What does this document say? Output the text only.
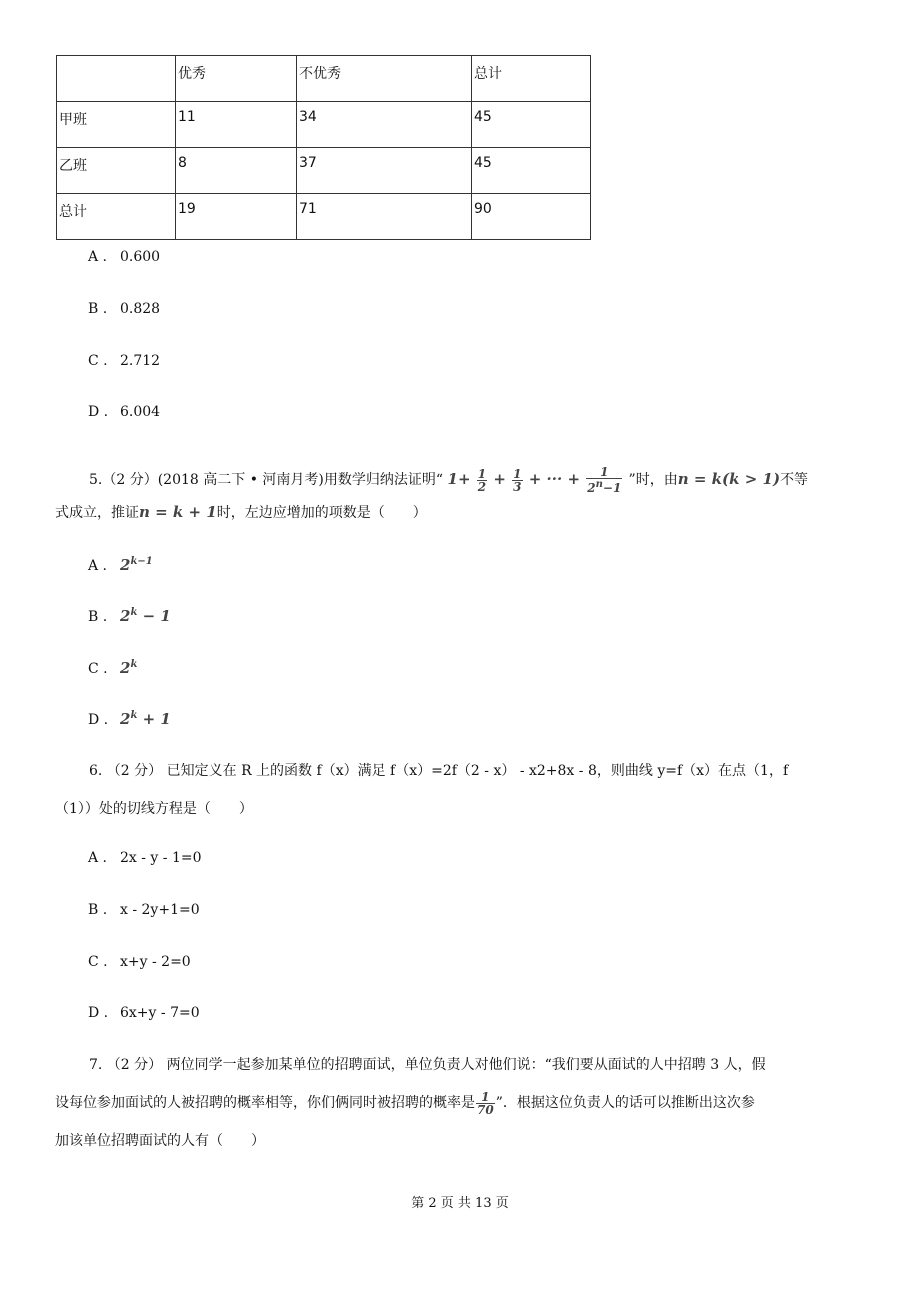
	优秀	不优秀	总计
甲班	11	34	45
乙班	8	37	45
总计	19	71	90
A . 0.600
B . 0.828
C . 2.712
D . 6.004
5.（2 分）(2018 高二下 • 河南月考)用数学归纳法证明“ $1+ \frac{1}{2} + \frac{1}{3}$ + ··· + $\frac{1}{2^n-1}$ ”时，由n = k(k > 1)不等
式成立，推证n = k + 1时，左边应增加的项数是（　　）
A . $2^{k-1}$
B . $2^k - 1$
C . 2$^k$
D . $2^k + 1$
6. （2 分） 已知定义在 R 上的函数 f（x）满足 f（x）=2f（2 - x） - x2+8x - 8，则曲线 y=f（x）在点（1，f
（1））处的切线方程是（　　）
A . 2x - y - 1=0
B . x - 2y+1=0
C . x+y - 2=0
D . 6x+y - 7=0
7. （2 分） 两位同学一起参加某单位的招聘面试，单位负责人对他们说：“我们要从面试的人中招聘 3 人，假
设每位参加面试的人被招聘的概率相等，你们俩同时被招聘的概率是 $\frac{1}{70}$ ”．根据这位负责人的话可以推断出这次参
加该单位招聘面试的人有（　　）
第 2 页 共 13 页
